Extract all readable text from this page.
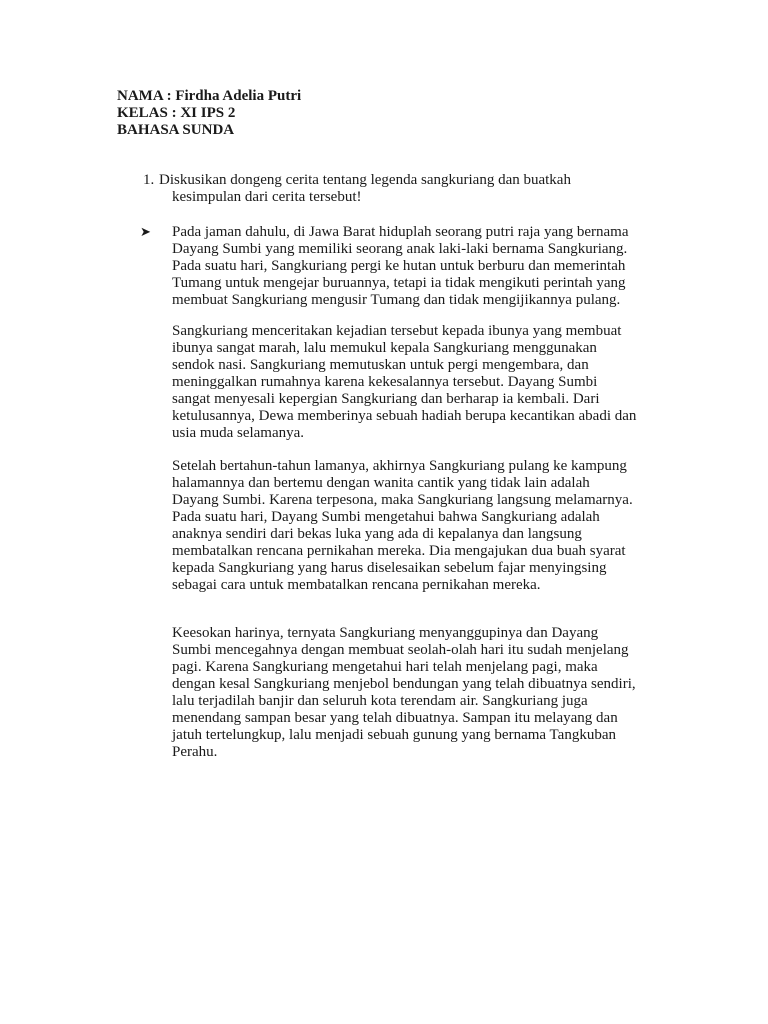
NAMA : Firdha Adelia Putri
KELAS : XI IPS 2
BAHASA SUNDA
1. Diskusikan dongeng cerita tentang legenda sangkuriang dan buatkah
kesimpulan dari cerita tersebut!
➤ Pada jaman dahulu, di Jawa Barat hiduplah seorang putri raja yang bernama
Dayang Sumbi yang memiliki seorang anak laki-laki bernama Sangkuriang.
Pada suatu hari, Sangkuriang pergi ke hutan untuk berburu dan memerintah
Tumang untuk mengejar buruannya, tetapi ia tidak mengikuti perintah yang
membuat Sangkuriang mengusir Tumang dan tidak mengijikannya pulang.
Sangkuriang menceritakan kejadian tersebut kepada ibunya yang membuat
ibunya sangat marah, lalu memukul kepala Sangkuriang menggunakan
sendok nasi. Sangkuriang memutuskan untuk pergi mengembara, dan
meninggalkan rumahnya karena kekesalannya tersebut. Dayang Sumbi
sangat menyesali kepergian Sangkuriang dan berharap ia kembali. Dari
ketulusannya, Dewa memberinya sebuah hadiah berupa kecantikan abadi dan
usia muda selamanya.
Setelah bertahun-tahun lamanya, akhirnya Sangkuriang pulang ke kampung
halamannya dan bertemu dengan wanita cantik yang tidak lain adalah
Dayang Sumbi. Karena terpesona, maka Sangkuriang langsung melamarnya.
Pada suatu hari, Dayang Sumbi mengetahui bahwa Sangkuriang adalah
anaknya sendiri dari bekas luka yang ada di kepalanya dan langsung
membatalkan rencana pernikahan mereka. Dia mengajukan dua buah syarat
kepada Sangkuriang yang harus diselesaikan sebelum fajar menyingsing
sebagai cara untuk membatalkan rencana pernikahan mereka.
Keesokan harinya, ternyata Sangkuriang menyanggupinya dan Dayang
Sumbi mencegahnya dengan membuat seolah-olah hari itu sudah menjelang
pagi. Karena Sangkuriang mengetahui hari telah menjelang pagi, maka
dengan kesal Sangkuriang menjebol bendungan yang telah dibuatnya sendiri,
lalu terjadilah banjir dan seluruh kota terendam air. Sangkuriang juga
menendang sampan besar yang telah dibuatnya. Sampan itu melayang dan
jatuh tertelungkup, lalu menjadi sebuah gunung yang bernama Tangkuban
Perahu.
